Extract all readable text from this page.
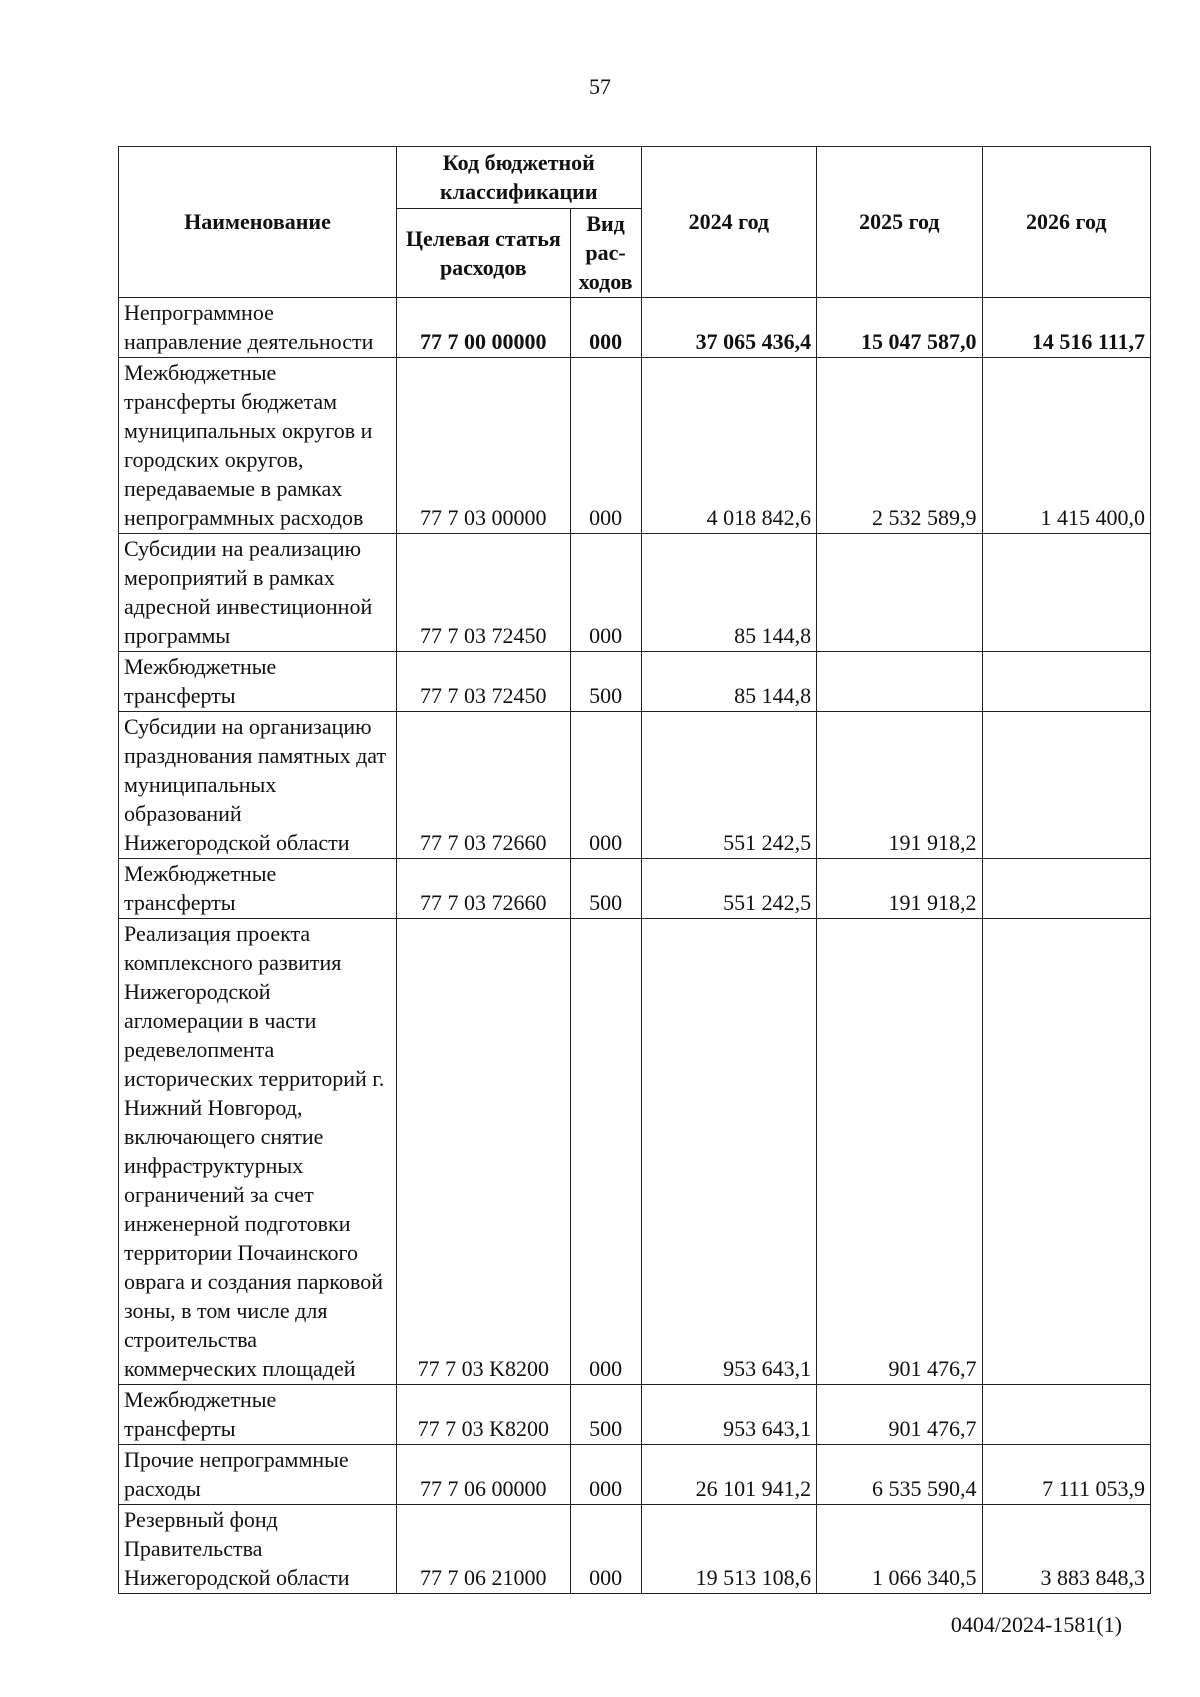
57
Наименование	Код бюджетной классификации		2024 год	2025 год	2026 год
	Целевая статья расходов	Вид рас-ходов			
Непрограммное направление деятельности	77 7 00 00000	000	37 065 436,4	15 047 587,0	14 516 111,7
Межбюджетные трансферты бюджетам муниципальных округов и городских округов, передаваемые в рамках непрограммных расходов	77 7 03 00000	000	4 018 842,6	2 532 589,9	1 415 400,0
Субсидии на реализацию мероприятий в рамках адресной инвестиционной программы	77 7 03 72450	000	85 144,8		
Межбюджетные трансферты	77 7 03 72450	500	85 144,8		
Субсидии на организацию празднования памятных дат муниципальных образований Нижегородской области	77 7 03 72660	000	551 242,5	191 918,2	
Межбюджетные трансферты	77 7 03 72660	500	551 242,5	191 918,2	
Реализация проекта комплексного развития Нижегородской агломерации в части редевелопмента исторических территорий г. Нижний Новгород, включающего снятие инфраструктурных ограничений за счет инженерной подготовки территории Почаинского оврага и создания парковой зоны, в том числе для строительства коммерческих площадей	77 7 03 K8200	000	953 643,1	901 476,7	
Межбюджетные трансферты	77 7 03 K8200	500	953 643,1	901 476,7	
Прочие непрограммные расходы	77 7 06 00000	000	26 101 941,2	6 535 590,4	7 111 053,9
Резервный фонд Правительства Нижегородской области	77 7 06 21000	000	19 513 108,6	1 066 340,5	3 883 848,3
0404/2024-1581(1)
